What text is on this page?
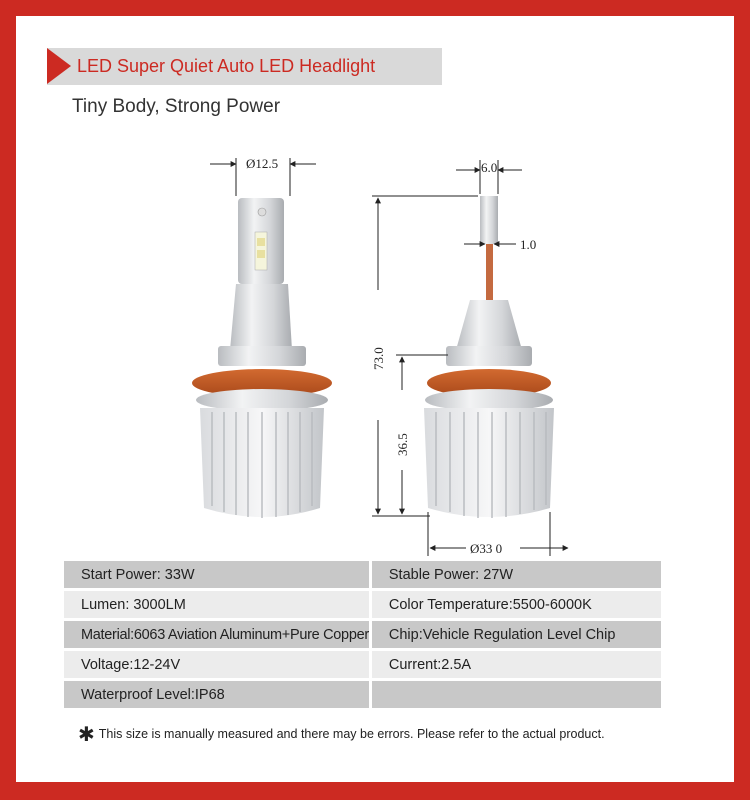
LED Super Quiet Auto LED Headlight
Tiny Body, Strong Power
Ø12.5	6.0
1.0
73.0
36.5
Ø33 0
Start Power: 33W	Stable Power: 27W
Lumen: 3000LM	Color Temperature:5500-6000K
Material:6063 Aviation Aluminum+Pure Copper	Chip:Vehicle Regulation Level Chip
Voltage:12-24V	Current:2.5A
Waterproof Level:IP68	
✱ This size is manually measured and there may be errors. Please refer to the actual product.
